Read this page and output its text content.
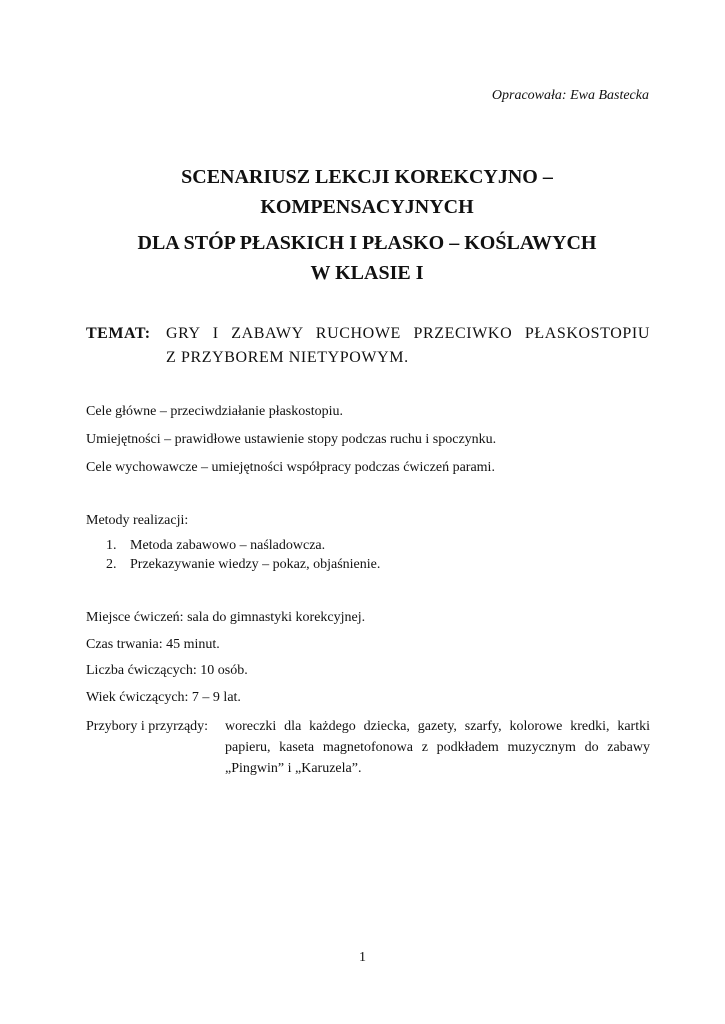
Opracowała: Ewa Bastecka
SCENARIUSZ LEKCJI KOREKCYJNO –
KOMPENSACYJNYCH
DLA STÓP PŁASKICH I PŁASKO – KOŚLAWYCH
W KLASIE I
TEMAT: GRY I ZABAWY RUCHOWE PRZECIWKO PŁASKOSTOPIU
Z PRZYBOREM NIETYPOWYM.
Cele główne – przeciwdziałanie płaskostopiu.
Umiejętności – prawidłowe ustawienie stopy podczas ruchu i spoczynku.
Cele wychowawcze – umiejętności współpracy podczas ćwiczeń parami.
Metody realizacji:
1. Metoda zabawowo – naśladowcza.
2. Przekazywanie wiedzy – pokaz, objaśnienie.
Miejsce ćwiczeń: sala do gimnastyki korekcyjnej.
Czas trwania: 45 minut.
Liczba ćwiczących: 10 osób.
Wiek ćwiczących: 7 – 9 lat.
Przybory i przyrządy: woreczki dla każdego dziecka, gazety, szarfy, kolorowe kredki, kartki
papieru, kaseta magnetofonowa z podkładem muzycznym do zabawy
„Pingwin” i „Karuzela”.
1
